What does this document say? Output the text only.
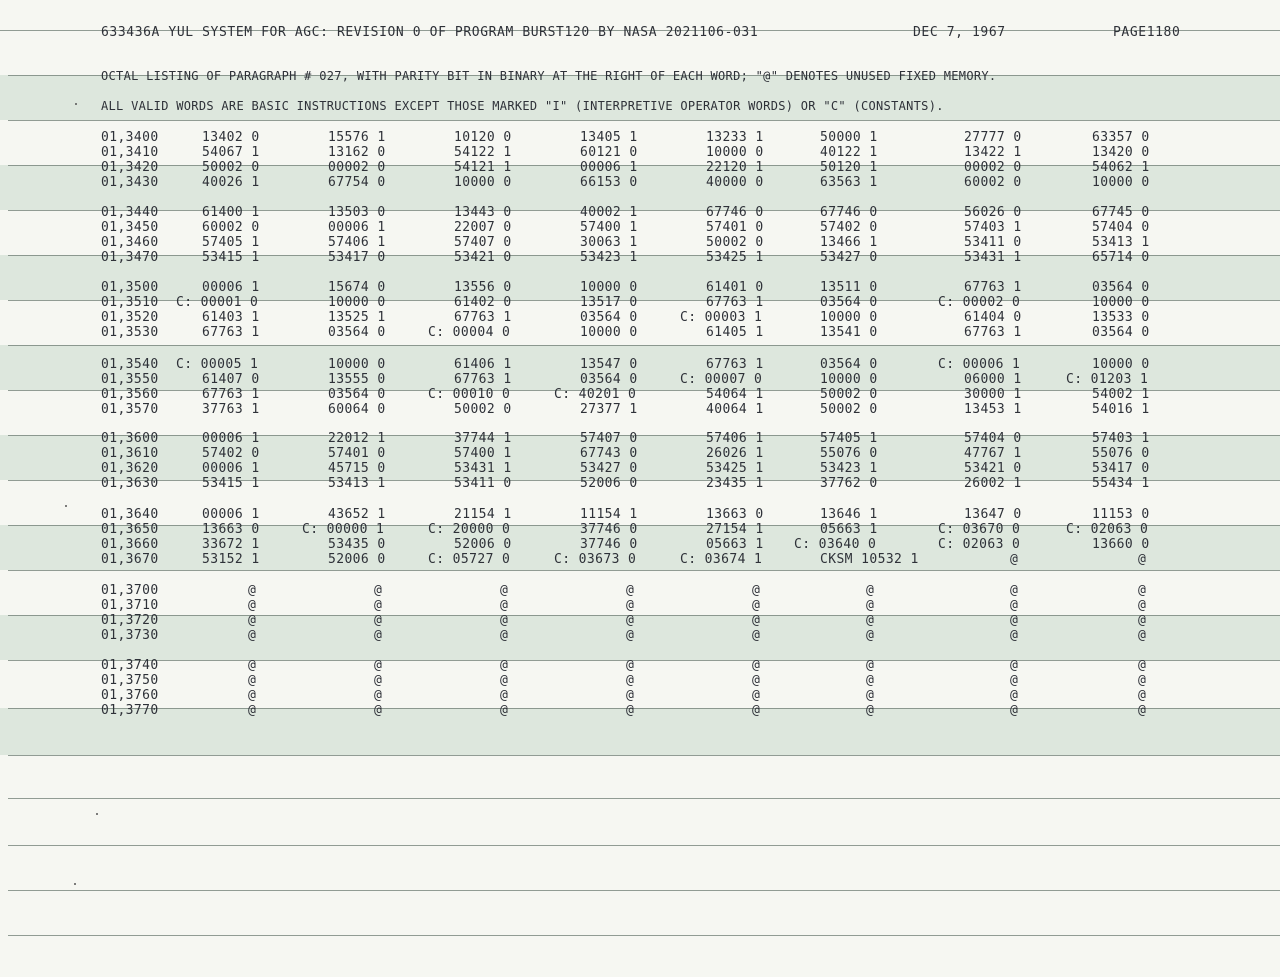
633436A YUL SYSTEM FOR AGC: REVISION 0 OF PROGRAM BURST120 BY NASA 2021106-031	DEC 7, 1967	PAGE1180
OCTAL LISTING OF PARAGRAPH # 027, WITH PARITY BIT IN BINARY AT THE RIGHT OF EACH WORD; "@" DENOTES UNUSED FIXED MEMORY.
ALL VALID WORDS ARE BASIC INSTRUCTIONS EXCEPT THOSE MARKED "I" (INTERPRETIVE OPERATOR WORDS) OR "C" (CONSTANTS).
01,3400	13402 0	15576 1	10120 0	13405 1	13233 1	50000 1	27777 0	63357 0
01,3410	54067 1	13162 0	54122 1	60121 0	10000 0	40122 1	13422 1	13420 0
01,3420	50002 0	00002 0	54121 1	00006 1	22120 1	50120 1	00002 0	54062 1
01,3430	40026 1	67754 0	10000 0	66153 0	40000 0	63563 1	60002 0	10000 0
01,3440	61400 1	13503 0	13443 0	40002 1	67746 0	67746 0	56026 0	67745 0
01,3450	60002 0	00006 1	22007 0	57400 1	57401 0	57402 0	57403 1	57404 0
01,3460	57405 1	57406 1	57407 0	30063 1	50002 0	13466 1	53411 0	53413 1
01,3470	53415 1	53417 0	53421 0	53423 1	53425 1	53427 0	53431 1	65714 0
01,3500	00006 1	15674 0	13556 0	10000 0	61401 0	13511 0	67763 1	03564 0
01,3510 C: 00001 0	10000 0	61402 0	13517 0	67763 1	03564 0	C: 00002 0	10000 0
01,3520	61403 1	13525 1	67763 1	03564 0	C: 00003 1	10000 0	61404 0	13533 0
01,3530	67763 1	03564 0	C: 00004 0	10000 0	61405 1	13541 0	67763 1	03564 0
01,3540 C: 00005 1	10000 0	61406 1	13547 0	67763 1	03564 0	C: 00006 1	10000 0
01,3550	61407 0	13555 0	67763 1	03564 0	C: 00007 0	10000 0	06000 1	C: 01203 1
01,3560	67763 1	03564 0	C: 00010 0	C: 40201 0	54064 1	50002 0	30000 1	54002 1
01,3570	37763 1	60064 0	50002 0	27377 1	40064 1	50002 0	13453 1	54016 1
01,3600	00006 1	22012 1	37744 1	57407 0	57406 1	57405 1	57404 0	57403 1
01,3610	57402 0	57401 0	57400 1	67743 0	26026 1	55076 0	47767 1	55076 0
01,3620	00006 1	45715 0	53431 1	53427 0	53425 1	53423 1	53421 0	53417 0
01,3630	53415 1	53413 1	53411 0	52006 0	23435 1	37762 0	26002 1	55434 1
01,3640	00006 1	43652 1	21154 1	11154 1	13663 0	13646 1	13647 0	11153 0
01,3650	13663 0	C: 00000 1	C: 20000 0	37746 0	27154 1	05663 1	C: 03670 0	C: 02063 0
01,3660	33672 1	53435 0	52006 0	37746 0	05663 1 C: 03640 0	C: 02063 0	13660 0
01,3670	53152 1	52006 0	C: 05727 0	C: 03673 0	C: 03674 1	CKSM 10532 1	@	@
01,3700	@	@	@	@	@	@	@	@
01,3710	@	@	@	@	@	@	@	@
01,3720	@	@	@	@	@	@	@	@
01,3730	@	@	@	@	@	@	@	@
01,3740	@	@	@	@	@	@	@	@
01,3750	@	@	@	@	@	@	@	@
01,3760	@	@	@	@	@	@	@	@
01,3770	@	@	@	@	@	@	@	@
